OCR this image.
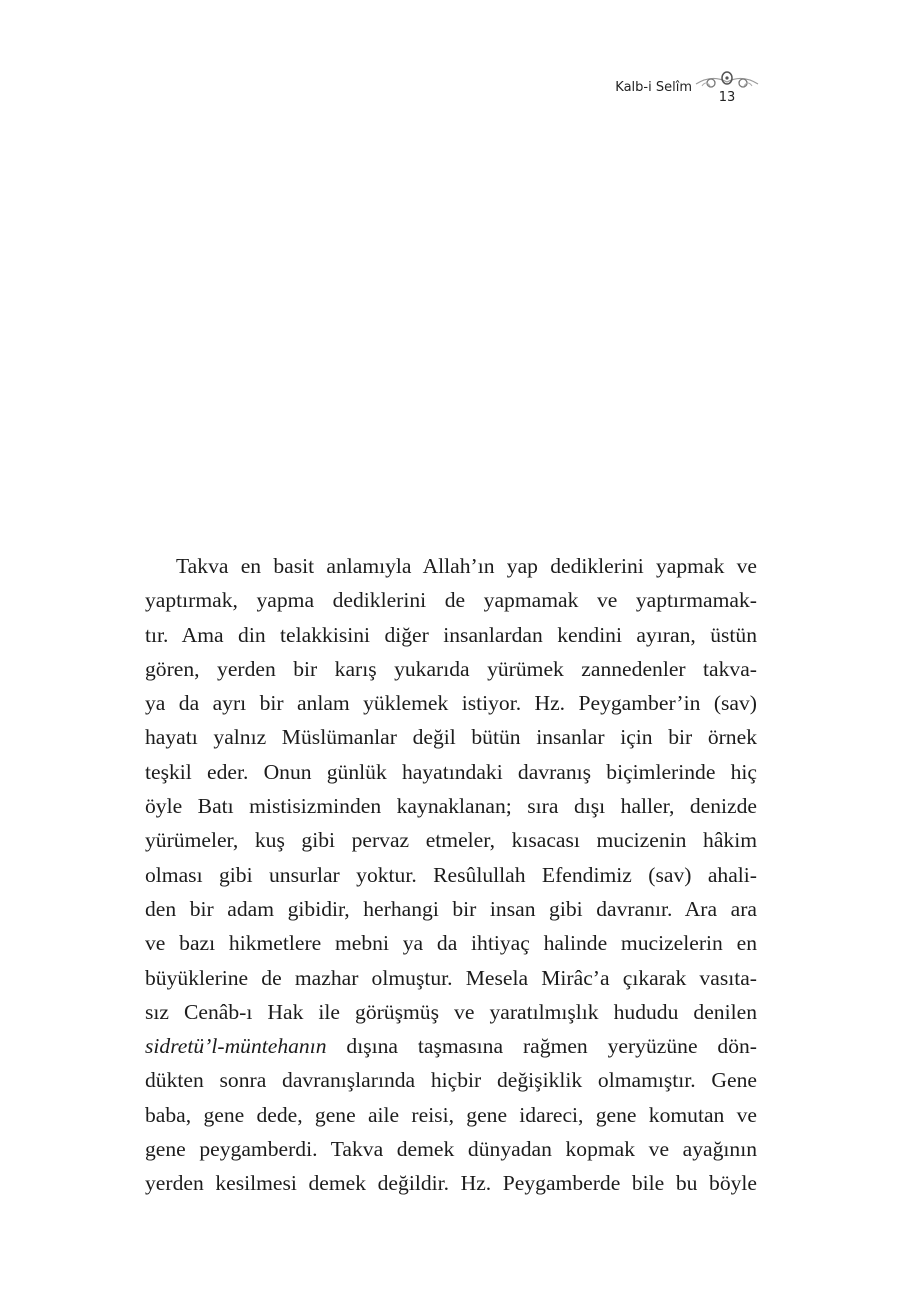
Kalb-i Selîm
13
Takva en basit anlamıyla Allah’ın yap dediklerini yapmak ve
yaptırmak, yapma dediklerini de yapmamak ve yaptırmamak-
tır. Ama din telakkisini diğer insanlardan kendini ayıran, üstün
gören, yerden bir karış yukarıda yürümek zannedenler takva-
ya da ayrı bir anlam yüklemek istiyor. Hz. Peygamber’in (sav)
hayatı yalnız Müslümanlar değil bütün insanlar için bir örnek
teşkil eder. Onun günlük hayatındaki davranış biçimlerinde hiç
öyle Batı mistisizminden kaynaklanan; sıra dışı haller, denizde
yürümeler, kuş gibi pervaz etmeler, kısacası mucizenin hâkim
olması gibi unsurlar yoktur. Resûlullah Efendimiz (sav) ahali-
den bir adam gibidir, herhangi bir insan gibi davranır. Ara ara
ve bazı hikmetlere mebni ya da ihtiyaç halinde mucizelerin en
büyüklerine de mazhar olmuştur. Mesela Mirâc’a çıkarak vasıta-
sız Cenâb-ı Hak ile görüşmüş ve yaratılmışlık hududu denilen
sidretü’l-müntehanın dışına taşmasına rağmen yeryüzüne dön-
dükten sonra davranışlarında hiçbir değişiklik olmamıştır. Gene
baba, gene dede, gene aile reisi, gene idareci, gene komutan ve
gene peygamberdi. Takva demek dünyadan kopmak ve ayağının
yerden kesilmesi demek değildir. Hz. Peygamberde bile bu böyle
